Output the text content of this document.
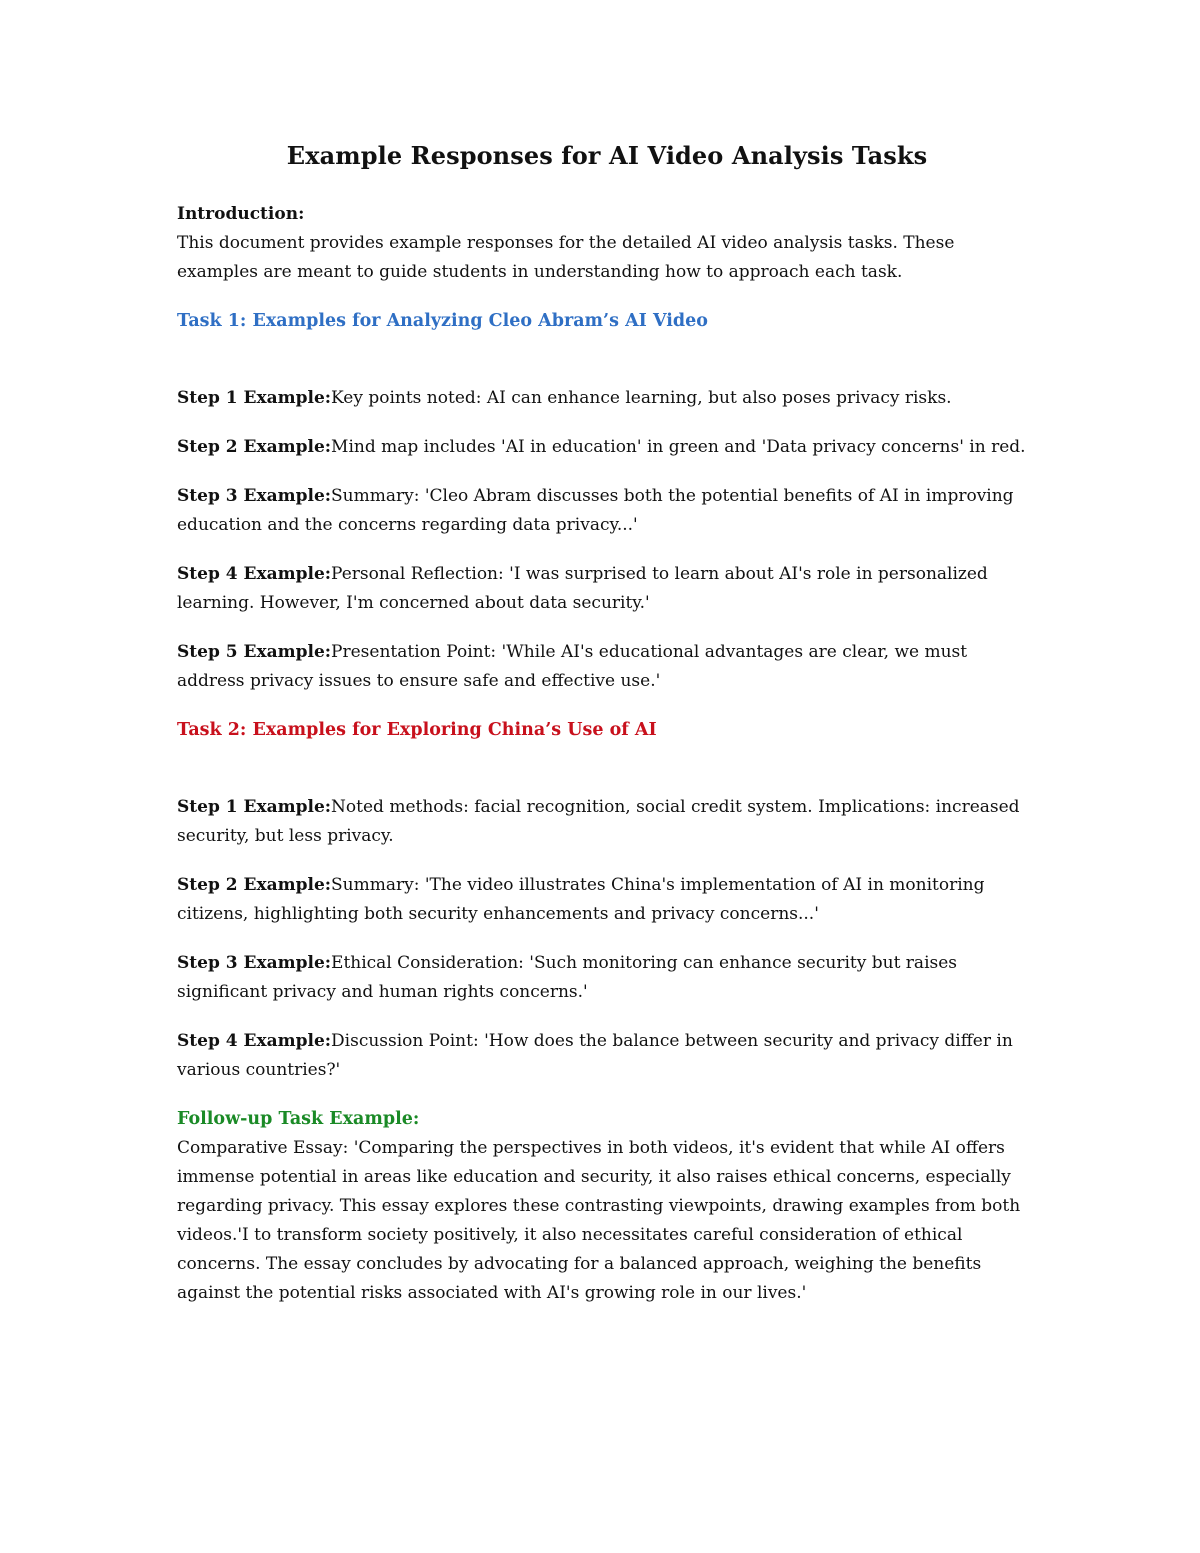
Example Responses for AI Video Analysis Tasks

Introduction:

This document provides example responses for the detailed AI video analysis tasks. These examples are meant to guide students in understanding how to approach each task.

Task 1: Examples for Analyzing Cleo Abram’s AI Video

Step 1 Example:Key points noted: AI can enhance learning, but also poses privacy risks.

Step 2 Example:Mind map includes 'AI in education' in green and 'Data privacy concerns' in red.

Step 3 Example:Summary: 'Cleo Abram discusses both the potential benefits of AI in improving education and the concerns regarding data privacy...'

Step 4 Example:Personal Reflection: 'I was surprised to learn about AI's role in personalized learning. However, I'm concerned about data security.'

Step 5 Example:Presentation Point: 'While AI's educational advantages are clear, we must address privacy issues to ensure safe and effective use.'

Task 2: Examples for Exploring China’s Use of AI

Step 1 Example:Noted methods: facial recognition, social credit system. Implications: increased security, but less privacy.

Step 2 Example:Summary: 'The video illustrates China's implementation of AI in monitoring citizens, highlighting both security enhancements and privacy concerns...'

Step 3 Example:Ethical Consideration: 'Such monitoring can enhance security but raises significant privacy and human rights concerns.'

Step 4 Example:Discussion Point: 'How does the balance between security and privacy differ in various countries?'

Follow-up Task Example:

Comparative Essay: 'Comparing the perspectives in both videos, it's evident that while AI offers immense potential in areas like education and security, it also raises ethical concerns, especially regarding privacy. This essay explores these contrasting viewpoints, drawing examples from both videos.'I to transform society positively, it also necessitates careful consideration of ethical concerns. The essay concludes by advocating for a balanced approach, weighing the benefits against the potential risks associated with AI's growing role in our lives.'
